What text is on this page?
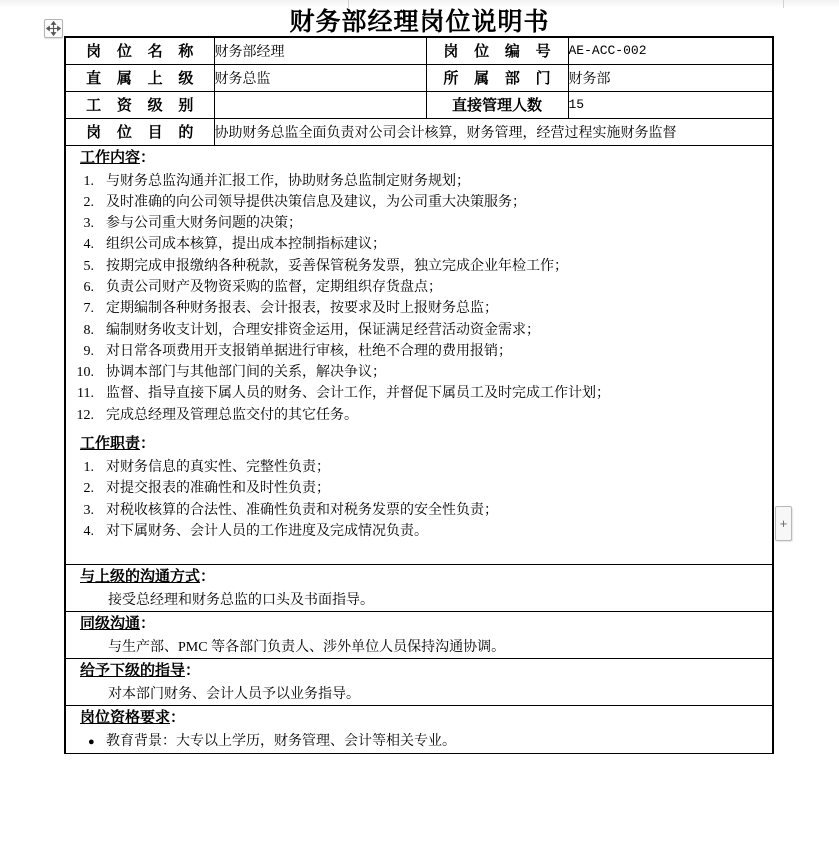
财务部经理岗位说明书
+
岗 位 名 称	财务部经理	岗 位 编 号	AE-ACC-002
直 属 上 级	财务总监	所 属 部 门	财务部
工 资 级 别		直接管理人数	15
岗 位 目 的	协助财务总监全面负责对公司会计核算，财务管理，经营过程实施财务监督		

工作内容：
1. 与财务总监沟通并汇报工作，协助财务总监制定财务规划；
2. 及时准确的向公司领导提供决策信息及建议，为公司重大决策服务；
3. 参与公司重大财务问题的决策；
4. 组织公司成本核算，提出成本控制指标建议；
5. 按期完成申报缴纳各种税款，妥善保管税务发票，独立完成企业年检工作；
6. 负责公司财产及物资采购的监督，定期组织存货盘点；
7. 定期编制各种财务报表、会计报表，按要求及时上报财务总监；
8. 编制财务收支计划，合理安排资金运用，保证满足经营活动资金需求；
9. 对日常各项费用开支报销单据进行审核，杜绝不合理的费用报销；
10. 协调本部门与其他部门间的关系，解决争议；
11. 监督、指导直接下属人员的财务、会计工作，并督促下属员工及时完成工作计划；
12. 完成总经理及管理总监交付的其它任务。
工作职责：
1. 对财务信息的真实性、完整性负责；
2. 对提交报表的准确性和及时性负责；
3. 对税收核算的合法性、准确性负责和对税务发票的安全性负责；
4. 对下属财务、会计人员的工作进度及完成情况负责。

与上级的沟通方式：

接受总经理和财务总监的口头及书面指导。			

同级沟通：

与生产部、PMC 等各部门负责人、涉外单位人员保持沟通协调。			

给予下级的指导：

对本部门财务、会计人员予以业务指导。			

岗位资格要求：
● 教育背景：大专以上学历，财务管理、会计等相关专业。
